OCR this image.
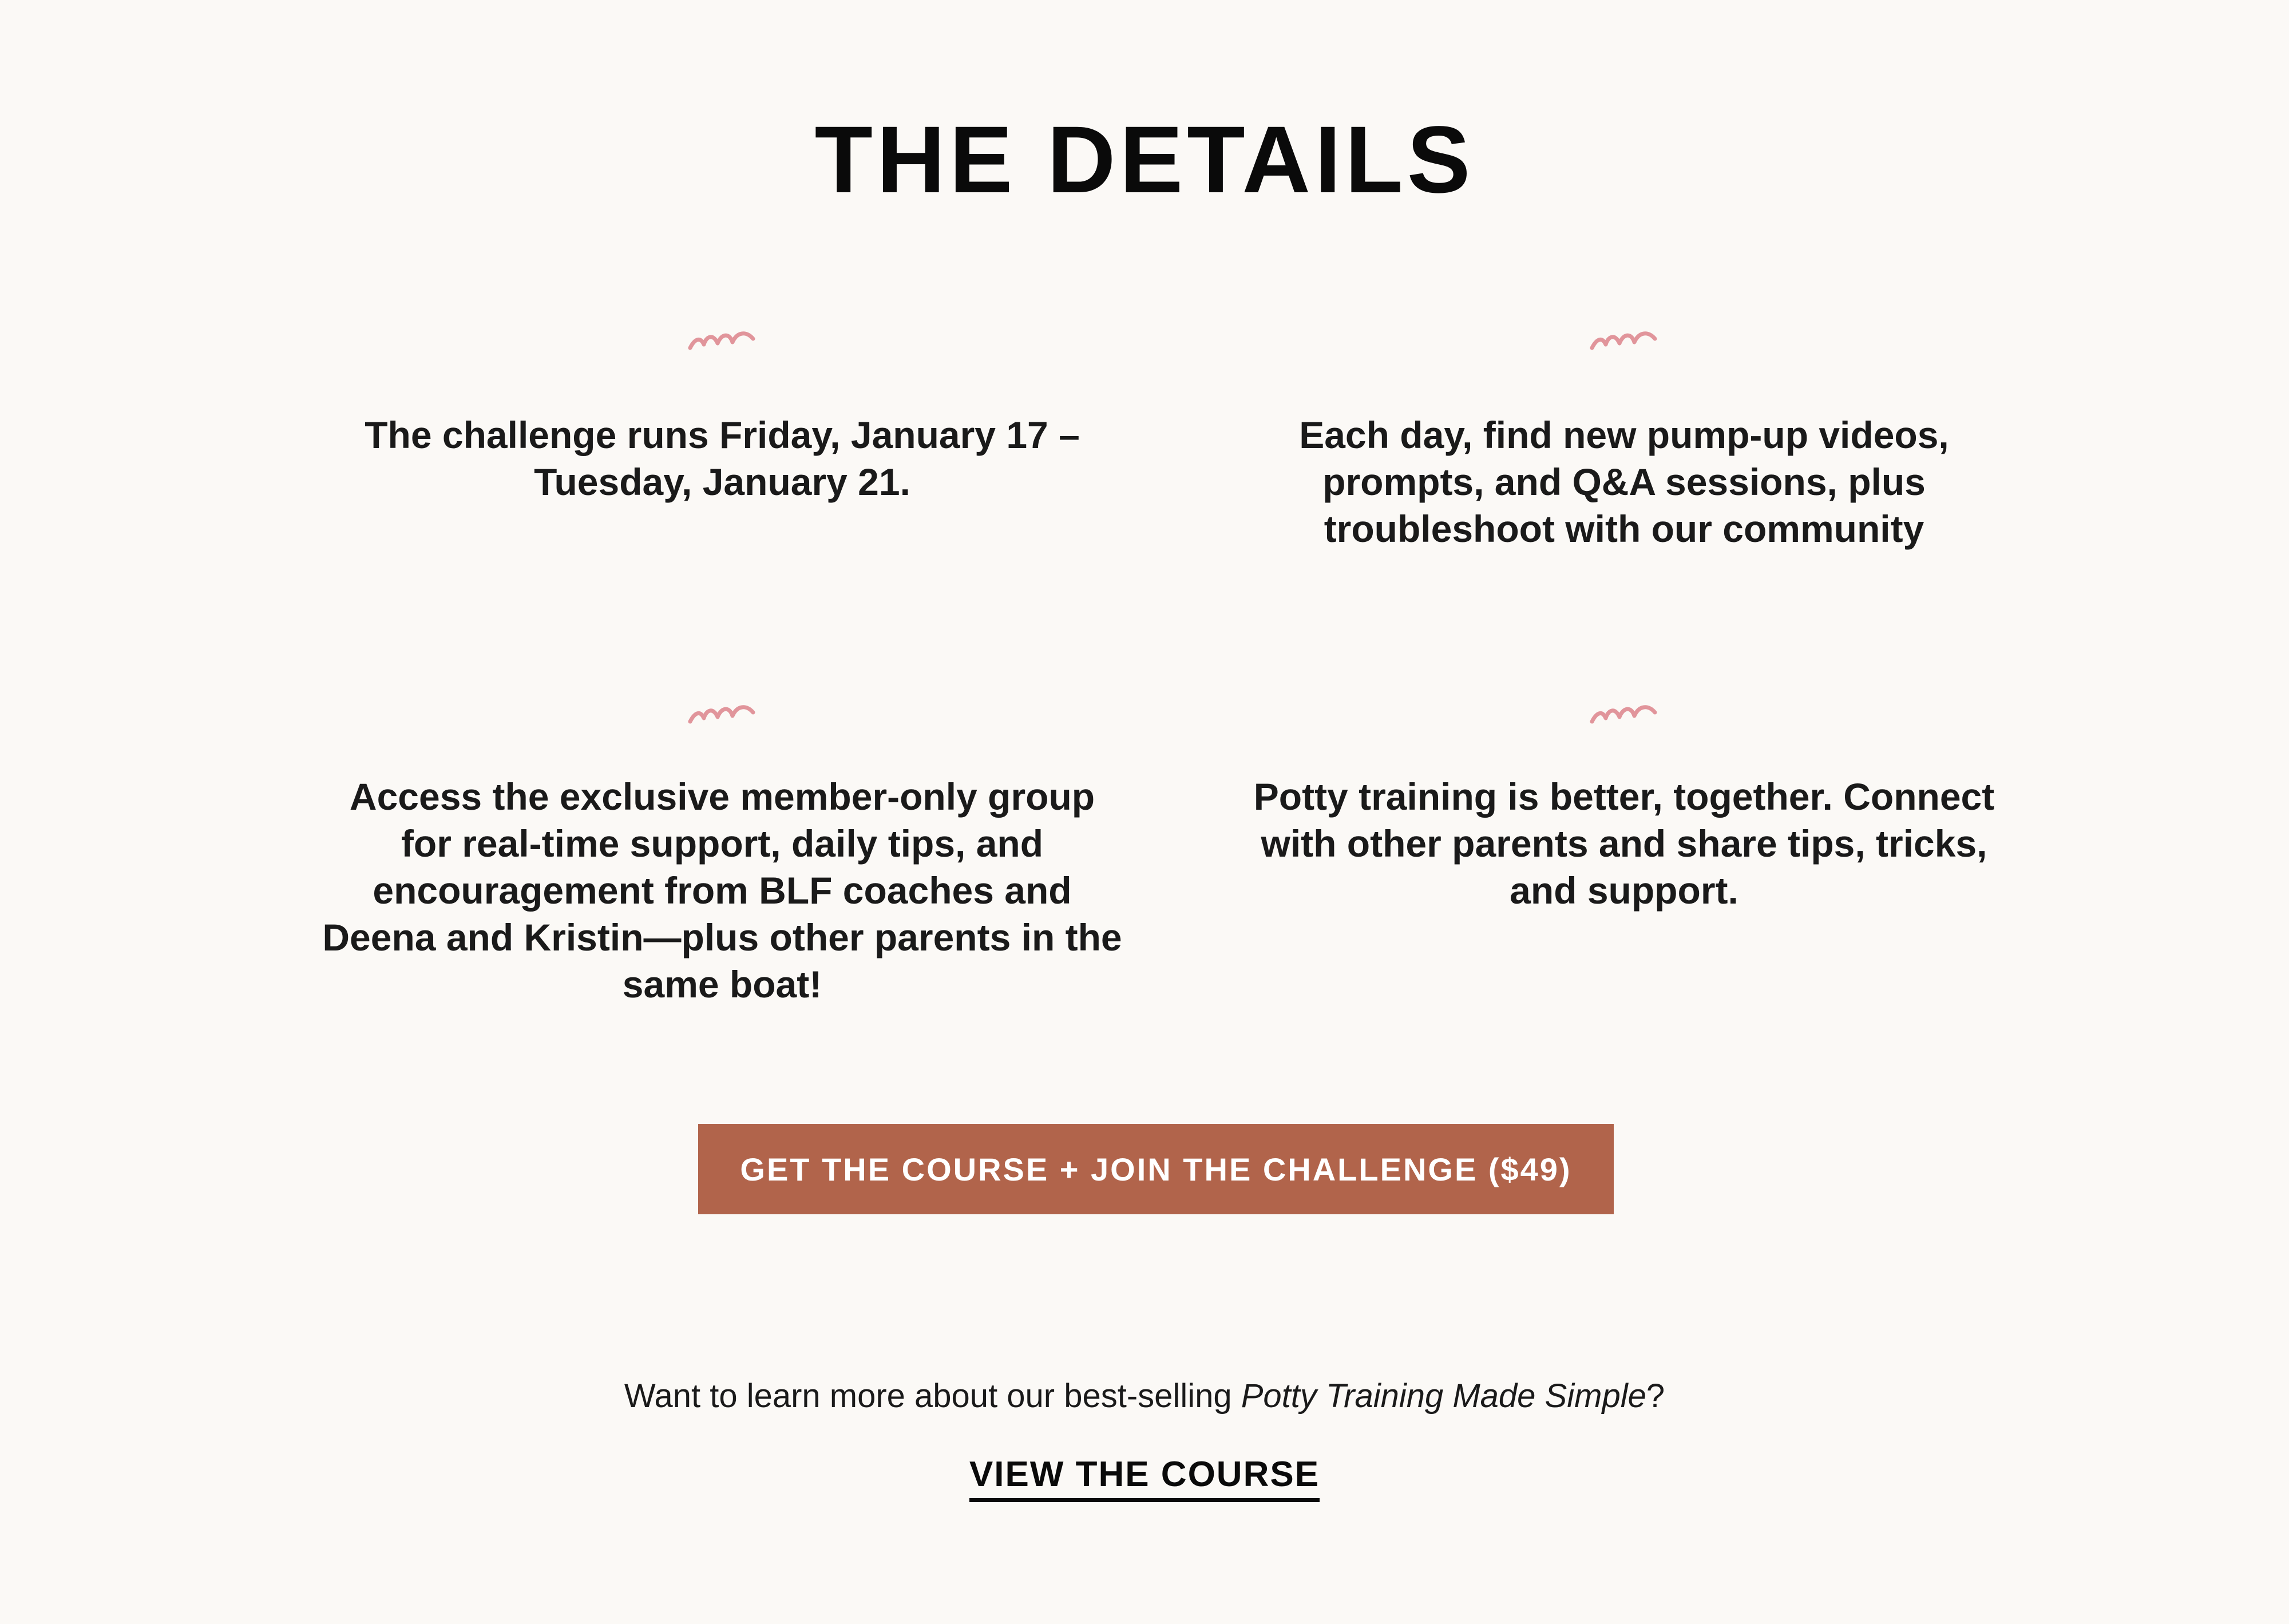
THE DETAILS

The challenge runs Friday, January 17 – Tuesday, January 21.

Each day, find new pump-up videos, prompts, and Q&A sessions, plus troubleshoot with our community

Access the exclusive member-only group for real-time support, daily tips, and encouragement from BLF coaches and Deena and Kristin—plus other parents in the same boat!

Potty training is better, together. Connect with other parents and share tips, tricks, and support.

GET THE COURSE + JOIN THE CHALLENGE ($49)

Want to learn more about our best-selling Potty Training Made Simple?

VIEW THE COURSE
